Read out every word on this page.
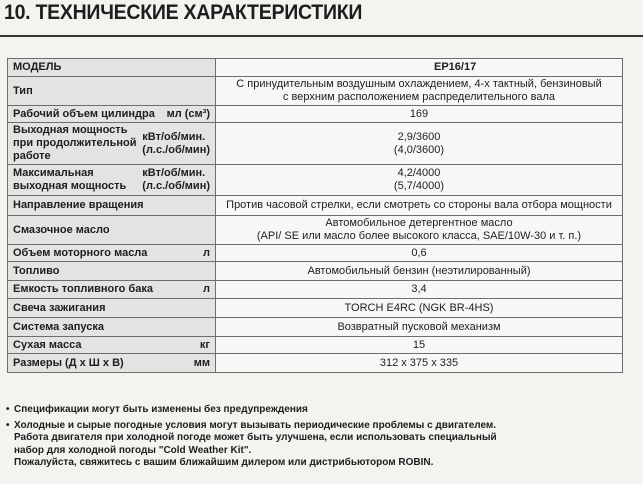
10. ТЕХНИЧЕСКИЕ ХАРАКТЕРИСТИКИ
МОДЕЛЬ	EP16/17

Тип	С принудительным воздушным охлаждением, 4-х тактный, бензиновый
с верхним расположением распределительного вала

Рабочий объем цилиндра мл (см³)	169

Выходная мощность
при продолжительной
работе
кВт/об/мин.
(л.с./об/мин)	2,9/3600
(4,0/3600)

Максимальная
выходная мощность
кВт/об/мин.
(л.с./об/мин)	4,2/4000
(5,7/4000)

Направление вращения	Против часовой стрелки, если смотреть со стороны вала отбора мощности

Смазочное масло	Автомобильное детергентное масло
(API/ SE или масло более высокого класса, SAE/10W-30 и т. п.)

Объем моторного масла л	0,6

Топливо	Автомобильный бензин (неэтилированный)

Емкость топливного бака л	3,4

Свеча зажигания	TORCH E4RC (NGK BR-4HS)

Система запуска	Возвратный пусковой механизм

Сухая масса кг	15

Размеры (Д х Ш х В) мм	312 х 375 х 335
• Спецификации могут быть изменены без предупреждения
• Холодные и сырые погодные условия могут вызывать периодические проблемы с двигателем.
Работа двигателя при холодной погоде может быть улучшена, если использовать специальный
набор для холодной погоды "Cold Weather Kit".
Пожалуйста, свяжитесь с вашим ближайшим дилером или дистрибьютором ROBIN.
